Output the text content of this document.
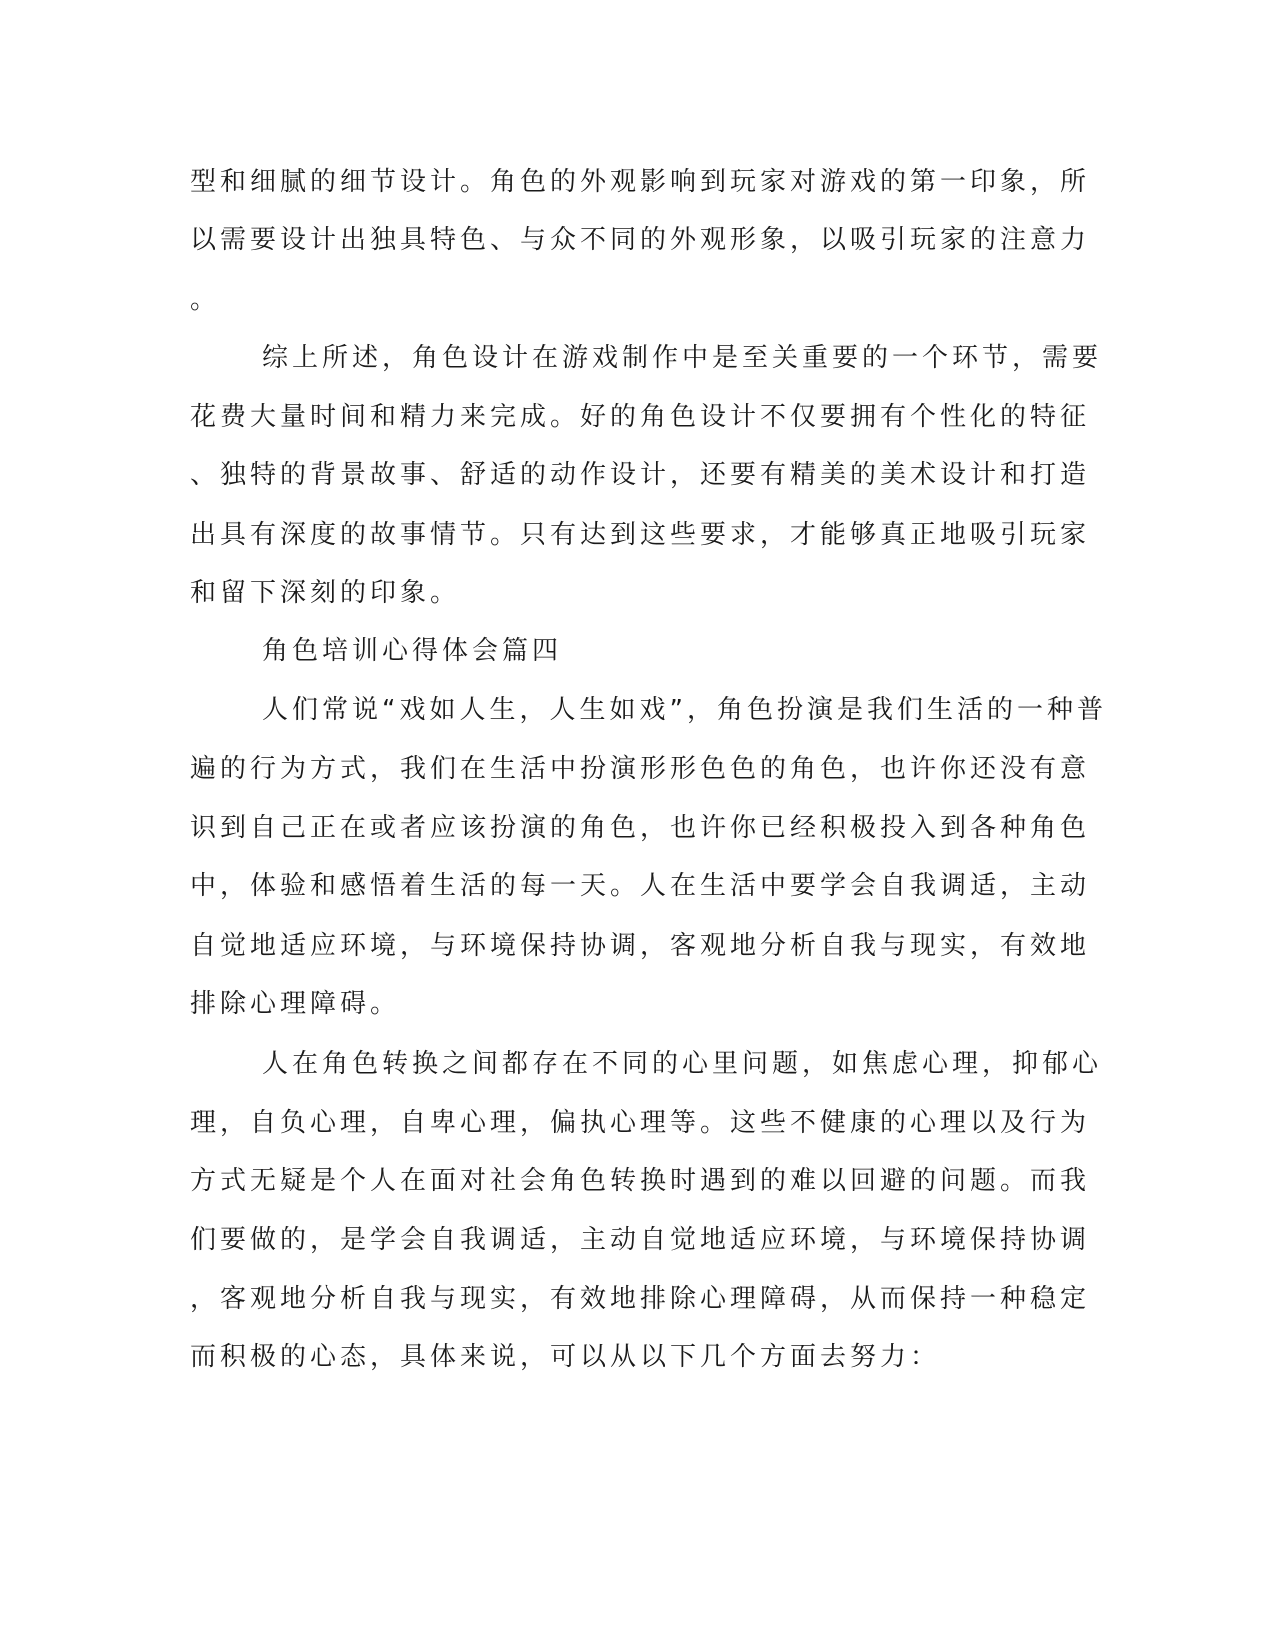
型和细腻的细节设计。角色的外观影响到玩家对游戏的第一印象，所

以需要设计出独具特色、与众不同的外观形象，以吸引玩家的注意力

。

综上所述，角色设计在游戏制作中是至关重要的一个环节，需要

花费大量时间和精力来完成。好的角色设计不仅要拥有个性化的特征

、独特的背景故事、舒适的动作设计，还要有精美的美术设计和打造

出具有深度的故事情节。只有达到这些要求，才能够真正地吸引玩家

和留下深刻的印象。

角色培训心得体会篇四

人们常说“戏如人生，人生如戏”，角色扮演是我们生活的一种普

遍的行为方式，我们在生活中扮演形形色色的角色，也许你还没有意

识到自己正在或者应该扮演的角色，也许你已经积极投入到各种角色

中，体验和感悟着生活的每一天。人在生活中要学会自我调适，主动

自觉地适应环境，与环境保持协调，客观地分析自我与现实，有效地

排除心理障碍。

人在角色转换之间都存在不同的心里问题，如焦虑心理，抑郁心

理，自负心理，自卑心理，偏执心理等。这些不健康的心理以及行为

方式无疑是个人在面对社会角色转换时遇到的难以回避的问题。而我

们要做的，是学会自我调适，主动自觉地适应环境，与环境保持协调

，客观地分析自我与现实，有效地排除心理障碍，从而保持一种稳定

而积极的心态，具体来说，可以从以下几个方面去努力：
